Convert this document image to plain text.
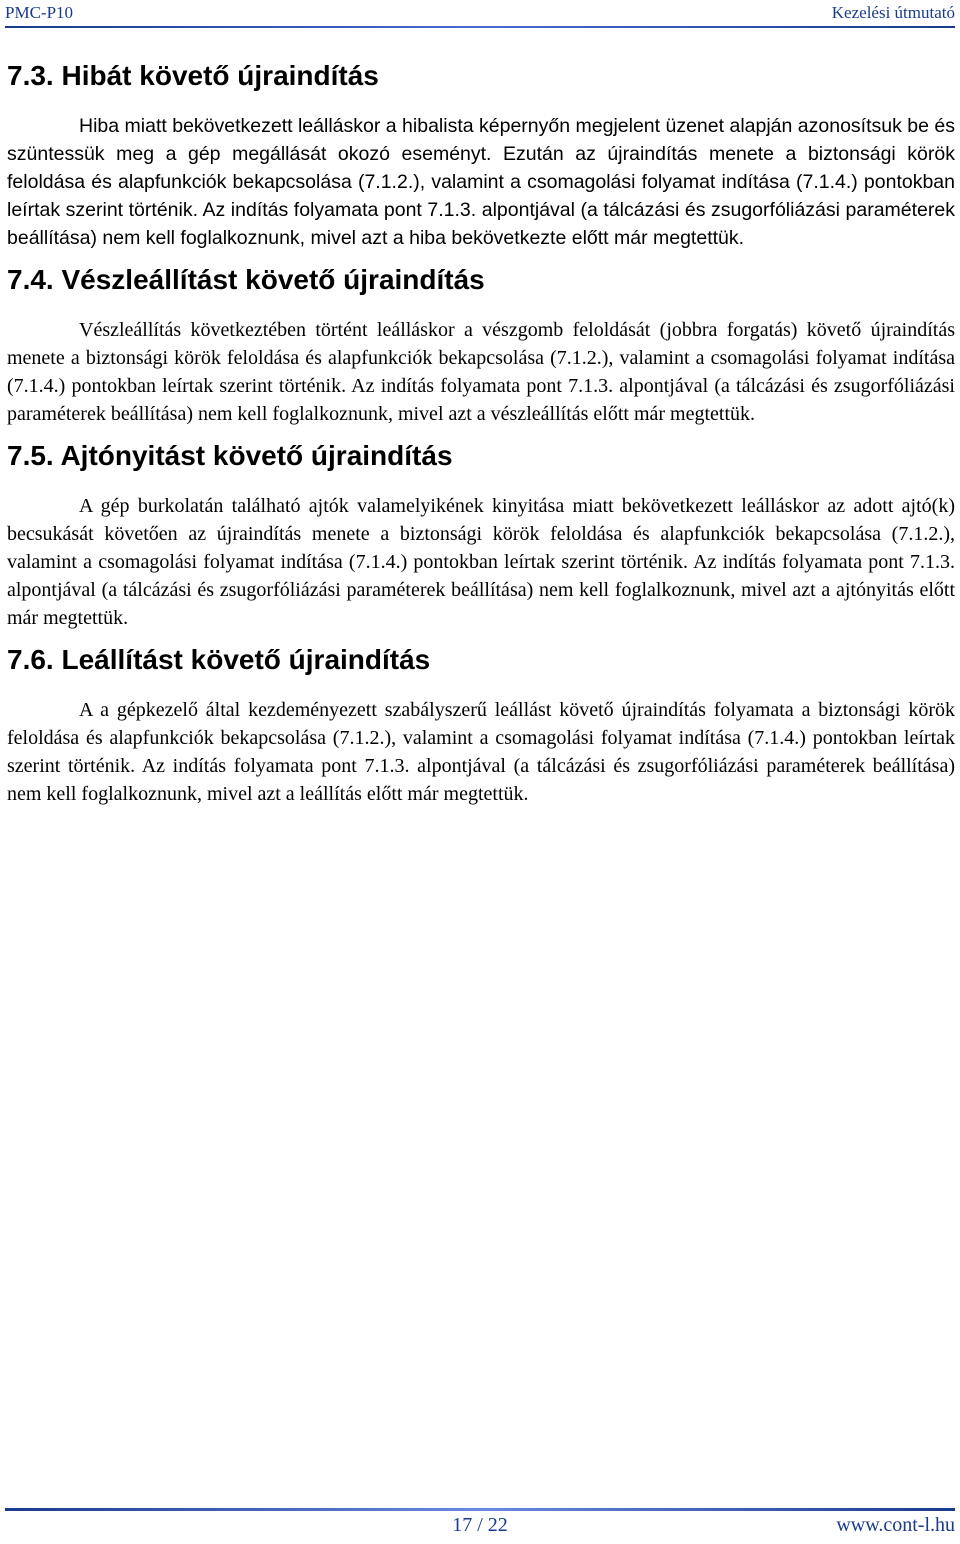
PMC-P10	Kezelési útmutató
7.3. Hibát követő újraindítás

Hiba miatt bekövetkezett leálláskor a hibalista képernyőn megjelent üzenet alapján azonosítsuk be és szüntessük meg a gép megállását okozó eseményt. Ezután az újraindítás menete a biztonsági körök feloldása és alapfunkciók bekapcsolása (7.1.2.), valamint a csomagolási folyamat indítása (7.1.4.) pontokban leírtak szerint történik. Az indítás folyamata pont 7.1.3. alpontjával (a tálcázási és zsugorfóliázási paraméterek beállítása) nem kell foglalkoznunk, mivel azt a hiba bekövetkezte előtt már megtettük.

7.4. Vészleállítást követő újraindítás

Vészleállítás következtében történt leálláskor a vészgomb feloldását (jobbra forgatás) követő újraindítás menete a biztonsági körök feloldása és alapfunkciók bekapcsolása (7.1.2.), valamint a csomagolási folyamat indítása (7.1.4.) pontokban leírtak szerint történik. Az indítás folyamata pont 7.1.3. alpontjával (a tálcázási és zsugorfóliázási paraméterek beállítása) nem kell foglalkoznunk, mivel azt a vészleállítás előtt már megtettük.

7.5. Ajtónyitást követő újraindítás

A gép burkolatán található ajtók valamelyikének kinyitása miatt bekövetkezett leálláskor az adott ajtó(k) becsukását követően az újraindítás menete a biztonsági körök feloldása és alapfunkciók bekapcsolása (7.1.2.), valamint a csomagolási folyamat indítása (7.1.4.) pontokban leírtak szerint történik. Az indítás folyamata pont 7.1.3. alpontjával (a tálcázási és zsugorfóliázási paraméterek beállítása) nem kell foglalkoznunk, mivel azt a ajtónyitás előtt már megtettük.

7.6. Leállítást követő újraindítás

A a gépkezelő által kezdeményezett szabályszerű leállást követő újraindítás folyamata a biztonsági körök feloldása és alapfunkciók bekapcsolása (7.1.2.), valamint a csomagolási folyamat indítása (7.1.4.) pontokban leírtak szerint történik. Az indítás folyamata pont 7.1.3. alpontjával (a tálcázási és zsugorfóliázási paraméterek beállítása) nem kell foglalkoznunk, mivel azt a leállítás előtt már megtettük.

17 / 22	www.cont-l.hu
